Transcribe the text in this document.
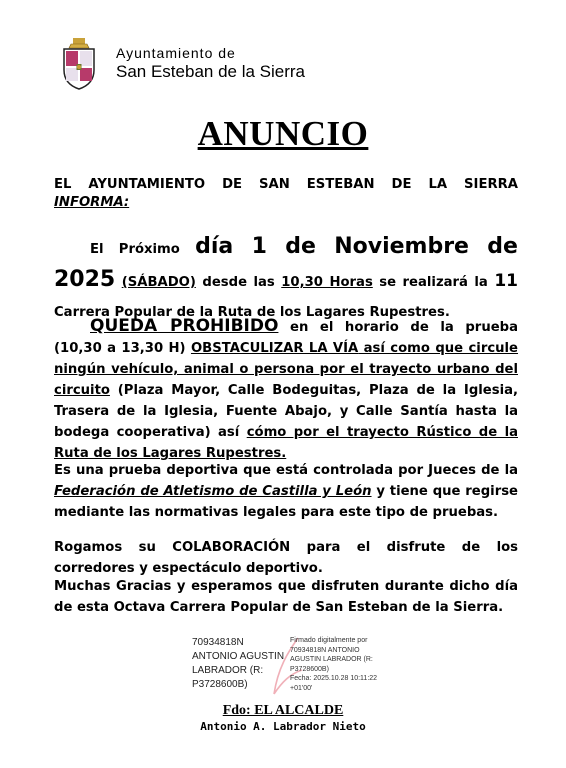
Ayuntamiento de
San Esteban de la Sierra
ANUNCIO
EL AYUNTAMIENTO DE SAN ESTEBAN DE LA SIERRA
INFORMA:
El Próximo día 1 de Noviembre de 2025 (SÁBADO) desde las 10,30 Horas se realizará la 11 Carrera Popular de la Ruta de los Lagares Rupestres.
QUEDA PROHIBIDO en el horario de la prueba (10,30 a 13,30 H) OBSTACULIZAR LA VÍA así como que circule ningún vehículo, animal o persona por el trayecto urbano del circuito (Plaza Mayor, Calle Bodeguitas, Plaza de la Iglesia, Trasera de la Iglesia, Fuente Abajo, y Calle Santía hasta la bodega cooperativa) así cómo por el trayecto Rústico de la Ruta de los Lagares Rupestres.
Es una prueba deportiva que está controlada por Jueces de la Federación de Atletismo de Castilla y León y tiene que regirse mediante las normativas legales para este tipo de pruebas.
Rogamos su COLABORACIÓN para el disfrute de los corredores y espectáculo deportivo.
Muchas Gracias y esperamos que disfruten durante dicho día de esta Octava Carrera Popular de San Esteban de la Sierra.
70934818N
ANTONIO AGUSTIN
LABRADOR (R:
P3728600B)
Firmado digitalmente por
70934818N ANTONIO
AGUSTIN LABRADOR (R:
P3728600B)
Fecha: 2025.10.28 10:11:22
+01'00'
Fdo: EL ALCALDE
Antonio A. Labrador Nieto
